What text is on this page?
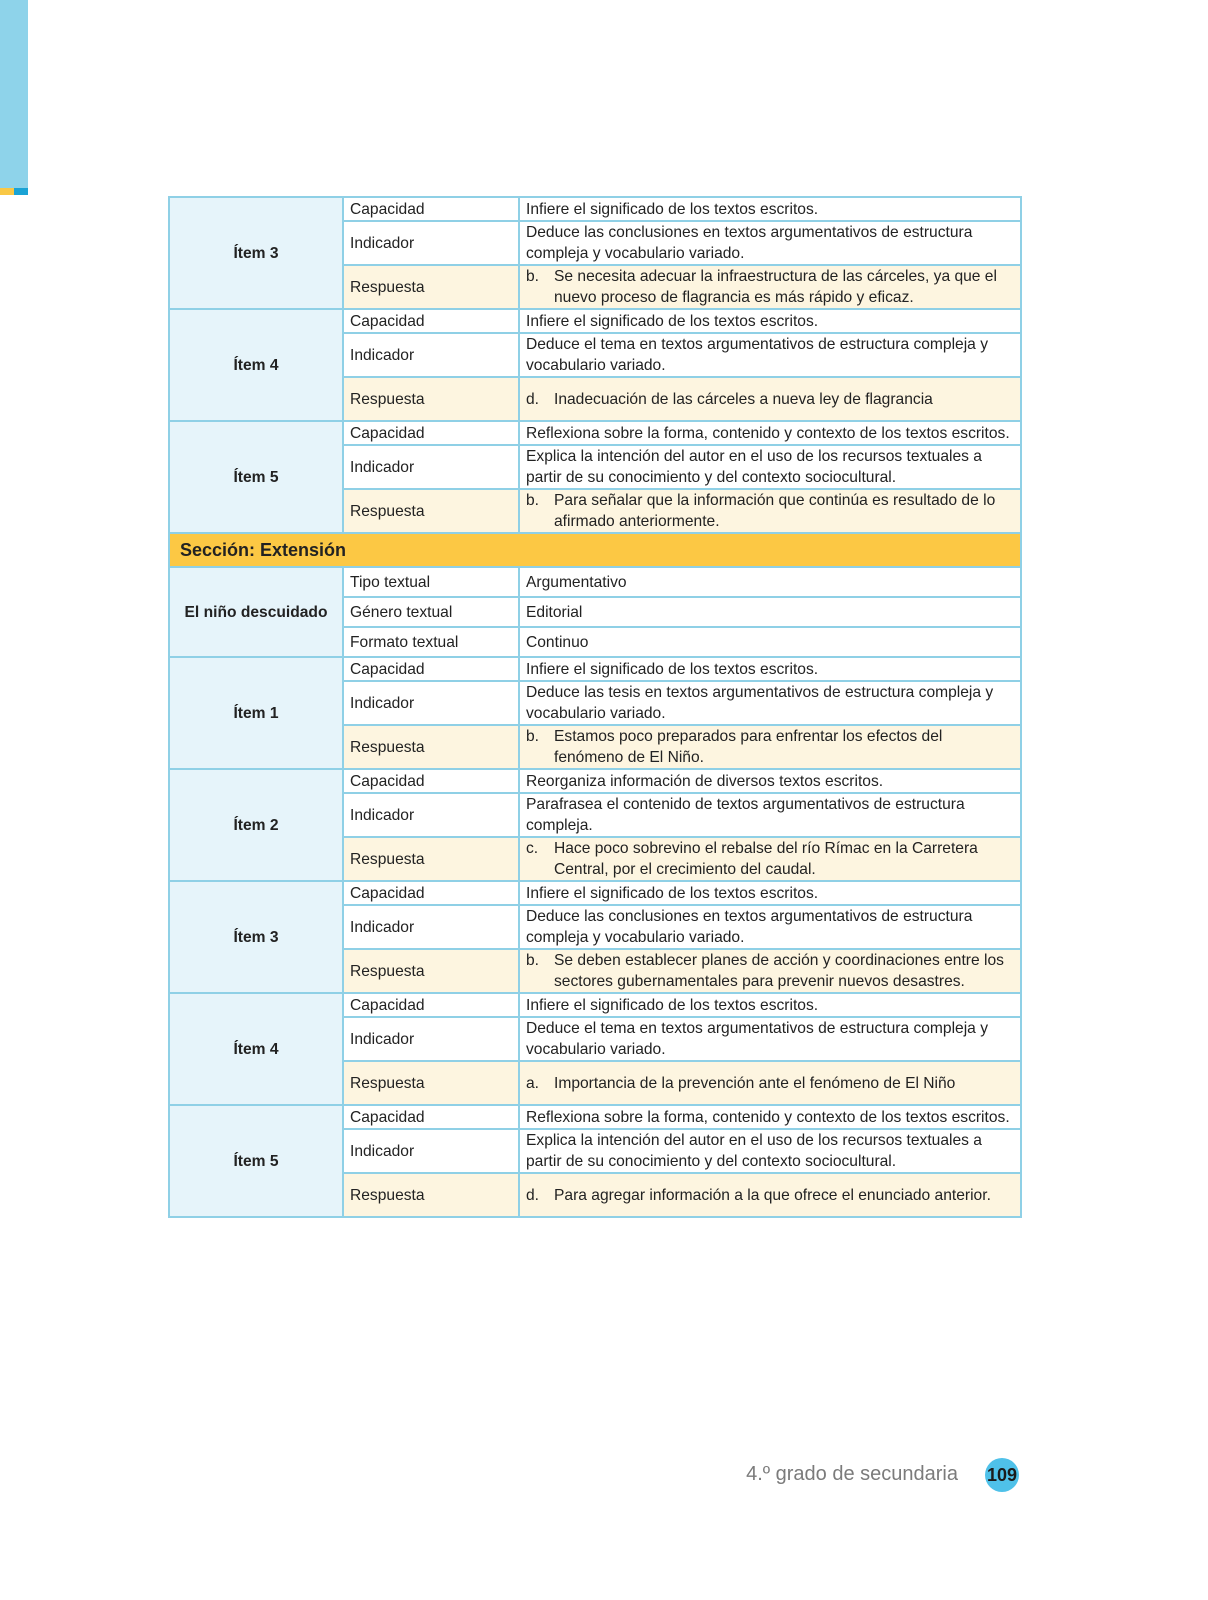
Ítem 3	Capacidad	Infiere el significado de los textos escritos.
	Indicador	Deduce las conclusiones en textos argumentativos de estructura compleja y vocabulario variado.
	Respuesta	b. Se necesita adecuar la infraestructura de las cárceles, ya que el nuevo proceso de flagrancia es más rápido y eficaz.

Ítem 4	Capacidad	Infiere el significado de los textos escritos.
	Indicador	Deduce el tema en textos argumentativos de estructura compleja y vocabulario variado.
	Respuesta	d. Inadecuación de las cárceles a nueva ley de flagrancia

Ítem 5	Capacidad	Reflexiona sobre la forma, contenido y contexto de los textos escritos.
	Indicador	Explica la intención del autor en el uso de los recursos textuales a partir de su conocimiento y del contexto sociocultural.
	Respuesta	b. Para señalar que la información que continúa es resultado de lo afirmado anteriormente.

Sección: Extensión		
El niño descuidado	Tipo textual	Argumentativo
	Género textual	Editorial
	Formato textual	Continuo
Ítem 1	Capacidad	Infiere el significado de los textos escritos.
	Indicador	Deduce las tesis en textos argumentativos de estructura compleja y vocabulario variado.
	Respuesta	b. Estamos poco preparados para enfrentar los efectos del fenómeno de El Niño.

Ítem 2	Capacidad	Reorganiza información de diversos textos escritos.
	Indicador	Parafrasea el contenido de textos argumentativos de estructura compleja.
	Respuesta	c. Hace poco sobrevino el rebalse del río Rímac en la Carretera Central, por el crecimiento del caudal.

Ítem 3	Capacidad	Infiere el significado de los textos escritos.
	Indicador	Deduce las conclusiones en textos argumentativos de estructura compleja y vocabulario variado.
	Respuesta	b. Se deben establecer planes de acción y coordinaciones entre los sectores gubernamentales para prevenir nuevos desastres.

Ítem 4	Capacidad	Infiere el significado de los textos escritos.
	Indicador	Deduce el tema en textos argumentativos de estructura compleja y vocabulario variado.
	Respuesta	a. Importancia de la prevención ante el fenómeno de El Niño

Ítem 5	Capacidad	Reflexiona sobre la forma, contenido y contexto de los textos escritos.
	Indicador	Explica la intención del autor en el uso de los recursos textuales a partir de su conocimiento y del contexto sociocultural.
	Respuesta	d. Para agregar información a la que ofrece el enunciado anterior.
4.º grado de secundaria 109
